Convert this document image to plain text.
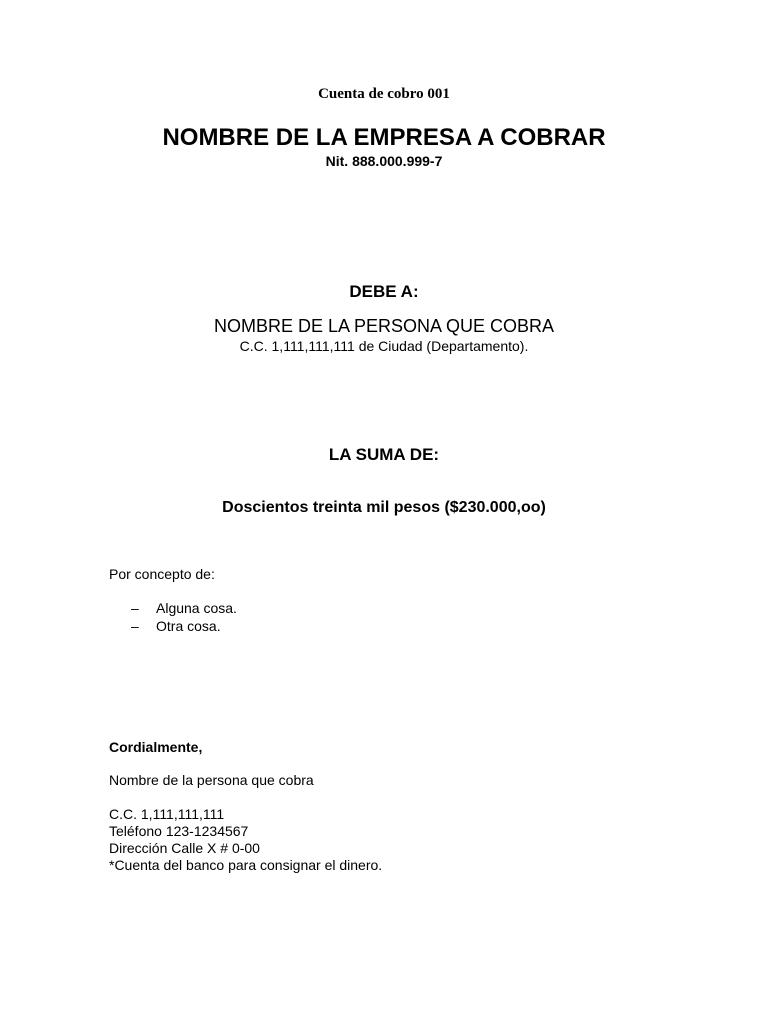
Cuenta de cobro 001
NOMBRE DE LA EMPRESA A COBRAR
Nit. 888.000.999-7
DEBE A:
NOMBRE DE LA PERSONA QUE COBRA
C.C. 1,111,111,111 de Ciudad (Departamento).
LA SUMA DE:
Doscientos treinta mil pesos ($230.000,oo)
Por concepto de:
– Alguna cosa.
– Otra cosa.
Cordialmente,
Nombre de la persona que cobra
C.C. 1,111,111,111
Teléfono 123-1234567
Dirección Calle X # 0-00
*Cuenta del banco para consignar el dinero.
